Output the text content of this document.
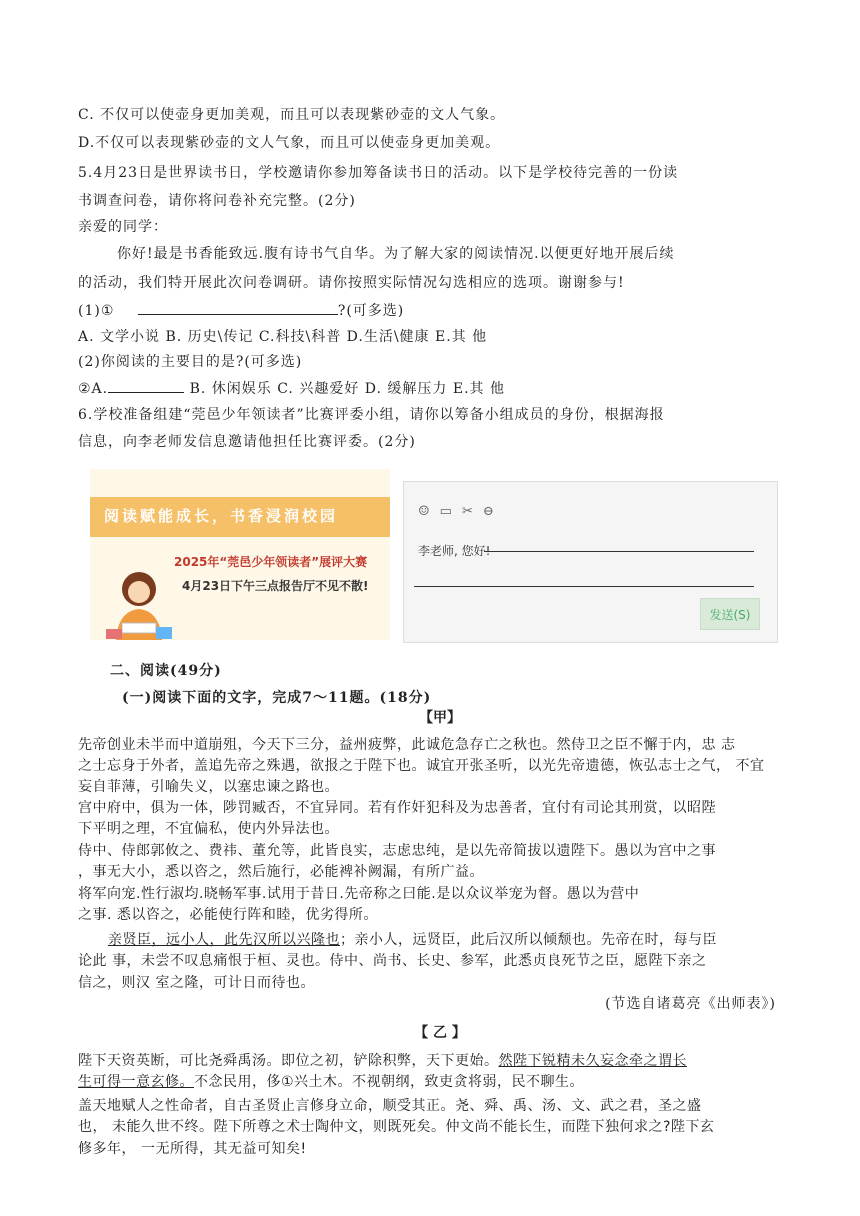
C. 不仅可以使壶身更加美观，而且可以表现紫砂壶的文人气象。
D.不仅可以表现紫砂壶的文人气象，而且可以使壶身更加美观。
5.4月23日是世界读书日，学校邀请你参加筹备读书日的活动。以下是学校待完善的一份读
书调查问卷，请你将问卷补充完整。(2分)
亲爱的同学：
你好!最是书香能致远.腹有诗书气自华。为了解大家的阅读情况.以便更好地开展后续
的活动，我们特开展此次问卷调研。请你按照实际情况勾选相应的选项。谢谢参与!
(1)①	?(可多选)
A. 文学小说 B. 历史\传记 C.科技\科普 D.生活\健康 E.其 他
(2)你阅读的主要目的是?(可多选)
②A.	B. 休闲娱乐 C. 兴趣爱好 D. 缓解压力 E.其 他
6.学校准备组建“莞邑少年领读者”比赛评委小组，请你以筹备小组成员的身份，根据海报
信息，向李老师发信息邀请他担任比赛评委。(2分)
阅读赋能成长，书香浸润校园
2025年“莞邑少年领读者”展评大赛
4月23日下午三点报告厅不见不散!
☺ ▭ ✂ ⊖
李老师, 您好!
发送(S)
二、阅读(49分)
(一)阅读下面的文字，完成7～11题。(18分)
【甲】
先帝创业未半而中道崩殂，今天下三分，益州疲弊，此诚危急存亡之秋也。然侍卫之臣不懈于内，忠 志
之士忘身于外者，盖追先帝之殊遇，欲报之于陛下也。诚宜开张圣听，以光先帝遗德，恢弘志士之气， 不宜
妄自菲薄，引喻失义，以塞忠谏之路也。
宫中府中，俱为一体，陟罚臧否，不宜异同。若有作奸犯科及为忠善者，宜付有司论其刑赏，以昭陛
下平明之理，不宜偏私，使内外异法也。
侍中、侍郎郭攸之、费祎、董允等，此皆良实，志虑忠纯，是以先帝简拔以遗陛下。愚以为宫中之事
，事无大小，悉以咨之，然后施行，必能裨补阙漏，有所广益。
将军向宠.性行淑均.晓畅军事.试用于昔日.先帝称之曰能.是以众议举宠为督。愚以为营中
之事. 悉以咨之，必能使行阵和睦，优劣得所。
亲贤臣，远小人，此先汉所以兴隆也；亲小人，远贤臣，此后汉所以倾颓也。先帝在时，每与臣
论此 事，未尝不叹息痛恨于桓、灵也。侍中、尚书、长史、参军，此悉贞良死节之臣，愿陛下亲之
信之，则汉 室之隆，可计日而待也。
(节选自诸葛亮《出师表》)
【 乙 】
陛下天资英断，可比尧舜禹汤。即位之初，铲除积弊，天下更始。然陛下锐精未久妄念牵之谓长
生可得一意玄修。不念民用，侈①兴土木。不视朝纲，致吏贪将弱，民不聊生。
盖天地赋人之性命者，自古圣贤止言修身立命，顺受其正。尧、舜、禹、汤、文、武之君，圣之盛
也， 未能久世不终。陛下所尊之术士陶仲文，则既死矣。仲文尚不能长生，而陛下独何求之?陛下玄
修多年， 一无所得，其无益可知矣!
